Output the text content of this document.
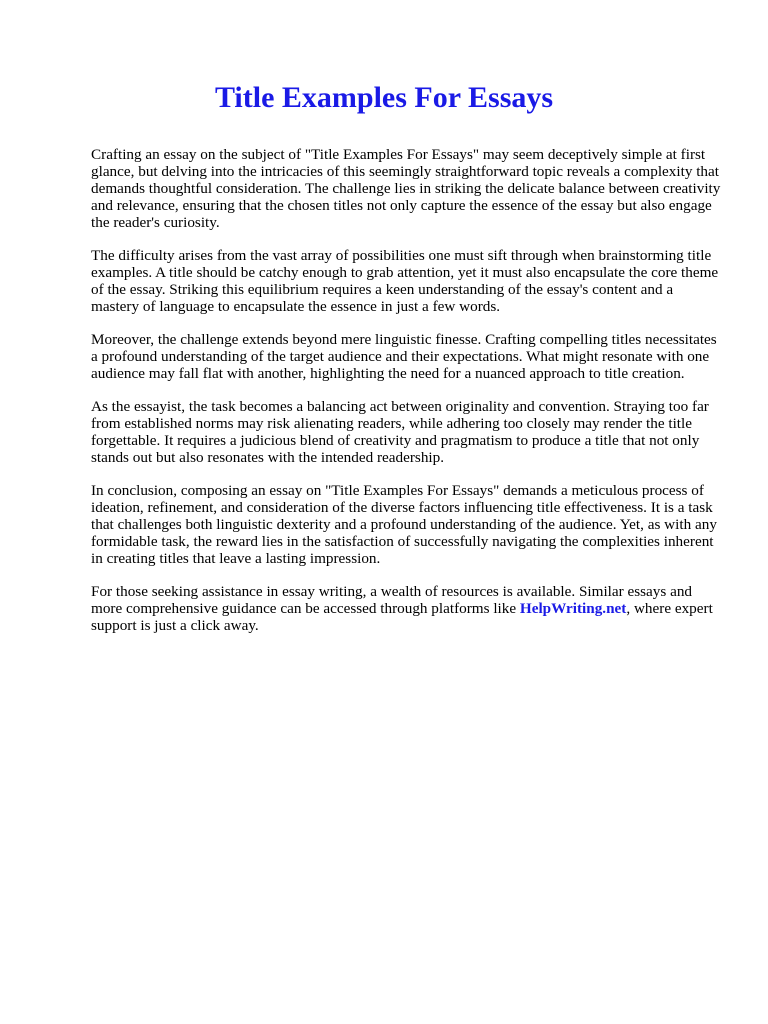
Title Examples For Essays

Crafting an essay on the subject of "Title Examples For Essays" may seem deceptively simple at first glance, but delving into the intricacies of this seemingly straightforward topic reveals a complexity that demands thoughtful consideration. The challenge lies in striking the delicate balance between creativity and relevance, ensuring that the chosen titles not only capture the essence of the essay but also engage the reader's curiosity.

The difficulty arises from the vast array of possibilities one must sift through when brainstorming title examples. A title should be catchy enough to grab attention, yet it must also encapsulate the core theme of the essay. Striking this equilibrium requires a keen understanding of the essay's content and a mastery of language to encapsulate the essence in just a few words.

Moreover, the challenge extends beyond mere linguistic finesse. Crafting compelling titles necessitates a profound understanding of the target audience and their expectations. What might resonate with one audience may fall flat with another, highlighting the need for a nuanced approach to title creation.

As the essayist, the task becomes a balancing act between originality and convention. Straying too far from established norms may risk alienating readers, while adhering too closely may render the title forgettable. It requires a judicious blend of creativity and pragmatism to produce a title that not only stands out but also resonates with the intended readership.

In conclusion, composing an essay on "Title Examples For Essays" demands a meticulous process of ideation, refinement, and consideration of the diverse factors influencing title effectiveness. It is a task that challenges both linguistic dexterity and a profound understanding of the audience. Yet, as with any formidable task, the reward lies in the satisfaction of successfully navigating the complexities inherent in creating titles that leave a lasting impression.

For those seeking assistance in essay writing, a wealth of resources is available. Similar essays and more comprehensive guidance can be accessed through platforms like HelpWriting.net, where expert support is just a click away.
